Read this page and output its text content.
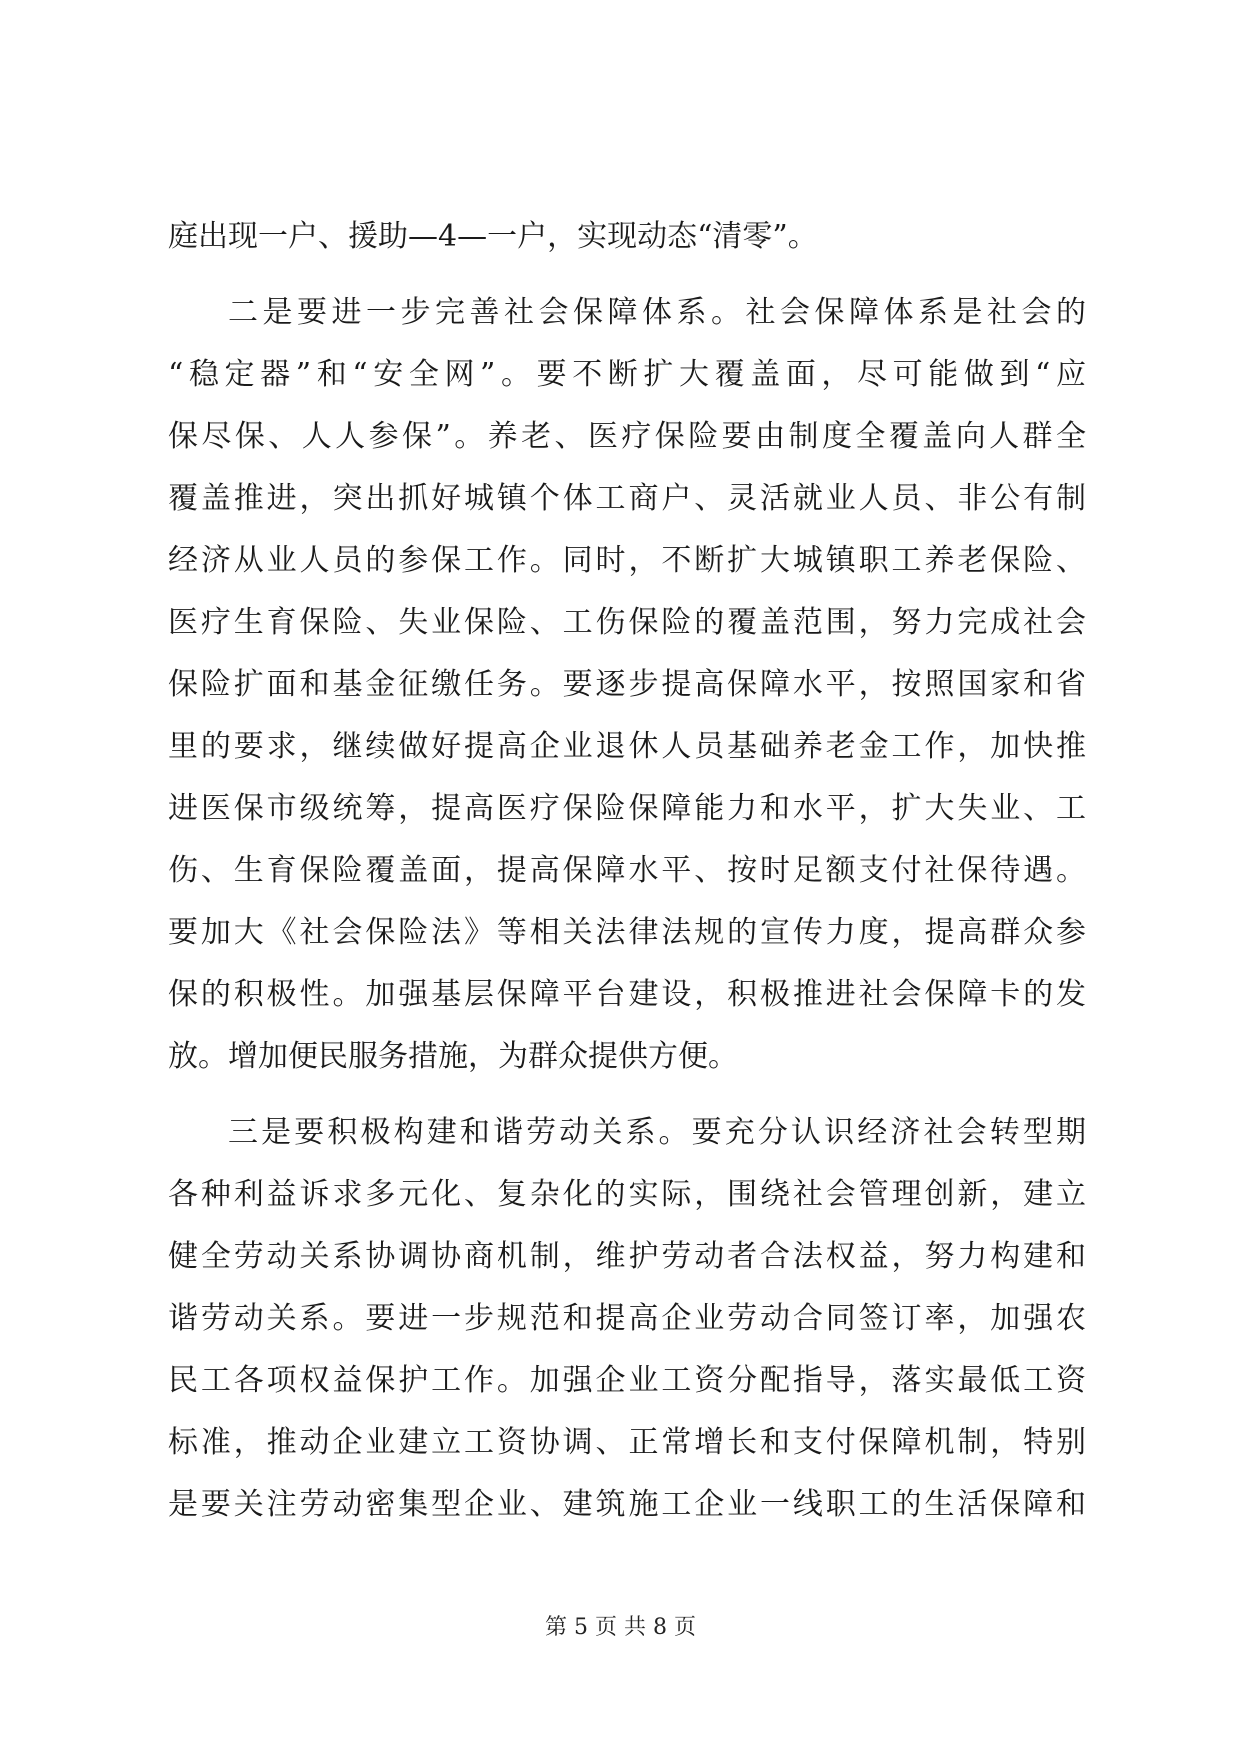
庭出现一户、援助—4—一户，实现动态“清零”。
二是要进一步完善社会保障体系。社会保障体系是社会的
“稳定器”和“安全网”。要不断扩大覆盖面，尽可能做到“应
保尽保、人人参保”。养老、医疗保险要由制度全覆盖向人群全
覆盖推进，突出抓好城镇个体工商户、灵活就业人员、非公有制
经济从业人员的参保工作。同时，不断扩大城镇职工养老保险、
医疗生育保险、失业保险、工伤保险的覆盖范围，努力完成社会
保险扩面和基金征缴任务。要逐步提高保障水平，按照国家和省
里的要求，继续做好提高企业退休人员基础养老金工作，加快推
进医保市级统筹，提高医疗保险保障能力和水平，扩大失业、工
伤、生育保险覆盖面，提高保障水平、按时足额支付社保待遇。
要加大《社会保险法》等相关法律法规的宣传力度，提高群众参
保的积极性。加强基层保障平台建设，积极推进社会保障卡的发
放。增加便民服务措施，为群众提供方便。
三是要积极构建和谐劳动关系。要充分认识经济社会转型期
各种利益诉求多元化、复杂化的实际，围绕社会管理创新，建立
健全劳动关系协调协商机制，维护劳动者合法权益，努力构建和
谐劳动关系。要进一步规范和提高企业劳动合同签订率，加强农
民工各项权益保护工作。加强企业工资分配指导，落实最低工资
标准，推动企业建立工资协调、正常增长和支付保障机制，特别
是要关注劳动密集型企业、建筑施工企业一线职工的生活保障和
第 5 页 共 8 页
